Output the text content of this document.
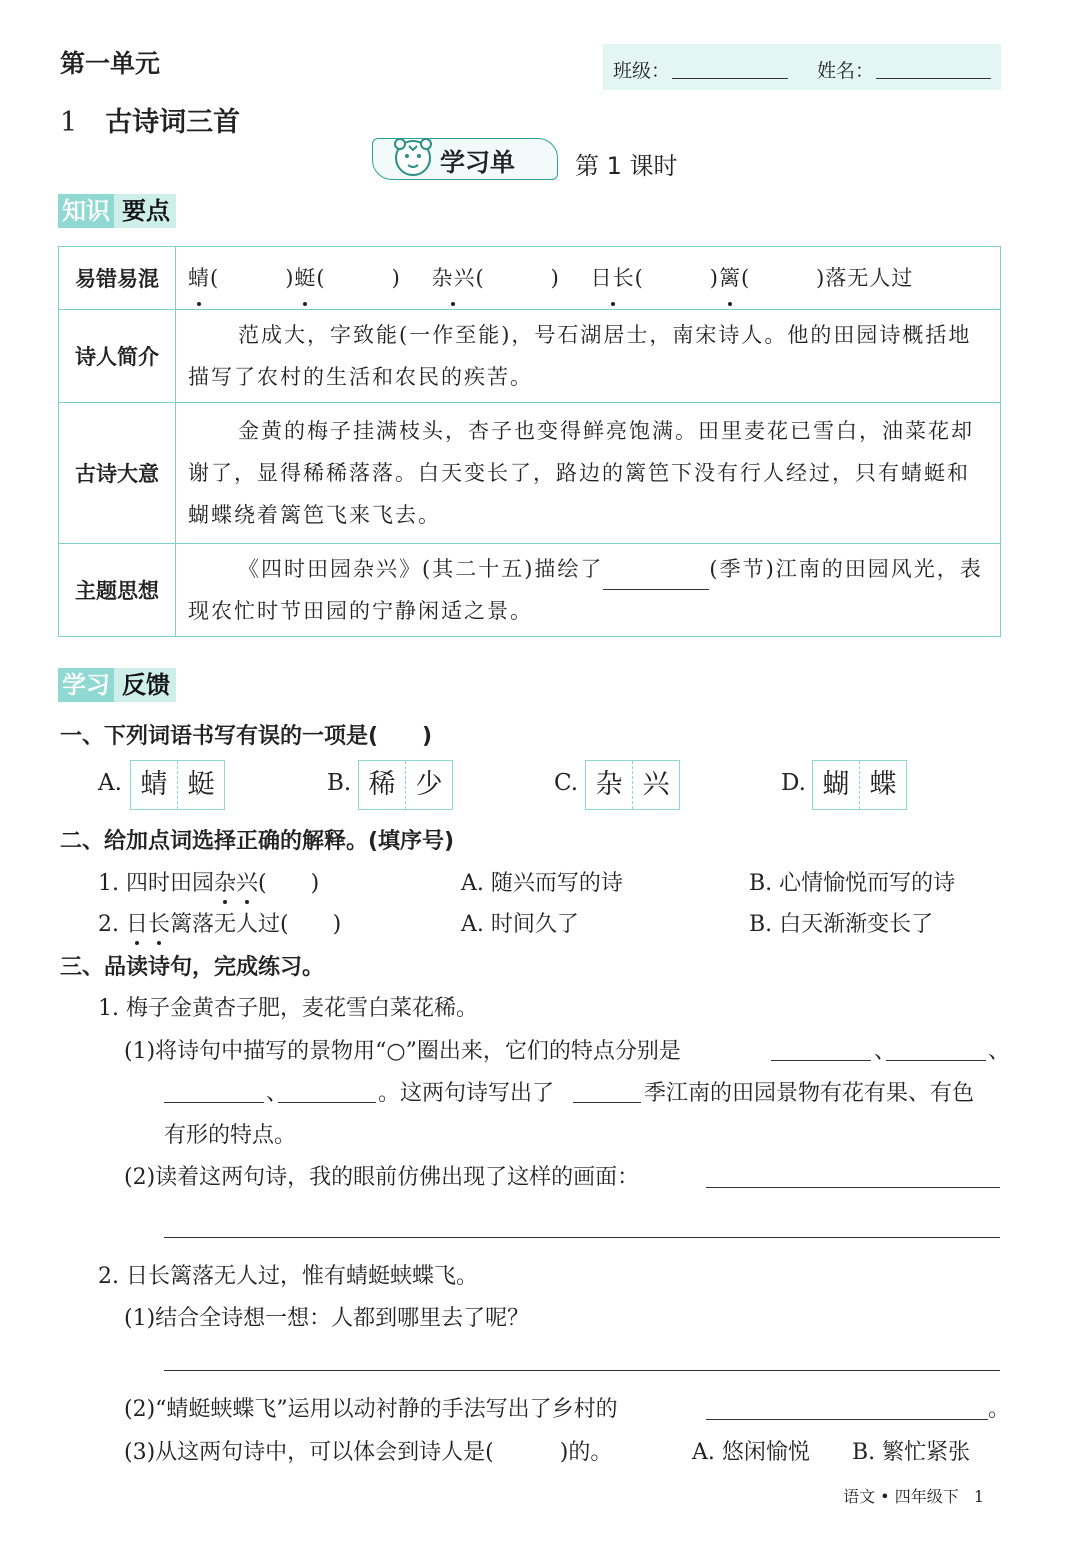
第一单元	班级：	姓名：
1 古诗词三首
学习单 第 1 课时
知识 要点
易错易混	蜻(　　　)蜓(　　　) 杂兴(　　　) 日长(　　　)篱(　　　)落无人过
诗人简介	范成大，字致能(一作至能)，号石湖居士，南宋诗人。他的田园诗概括地描写了农村的生活和农民的疾苦。
古诗大意	金黄的梅子挂满枝头，杏子也变得鲜亮饱满。田里麦花已雪白，油菜花却谢了，显得稀稀落落。白天变长了，路边的篱笆下没有行人经过，只有蜻蜓和蝴蝶绕着篱笆飞来飞去。
主题思想	《四时田园杂兴》(其二十五)描绘了 (季节)江南的田园风光，表现农忙时节田园的宁静闲适之景。
学习 反馈
一、下列词语书写有误的一项是(　　)
A. 蜻 蜓	B. 稀 少	C. 杂 兴	D. 蝴 蝶
二、给加点词选择正确的解释。(填序号)
1. 四时田园杂兴(　　)	A. 随兴而写的诗	B. 心情愉悦而写的诗
2. 日长篱落无人过(　　)	A. 时间久了	B. 白天渐渐变长了
三、品读诗句，完成练习。
1. 梅子金黄杏子肥，麦花雪白菜花稀。
(1)将诗句中描写的景物用“○”圈出来，它们的特点分别是	、	、
、	。这两句诗写出了	季江南的田园景物有花有果、有色
有形的特点。
(2)读着这两句诗，我的眼前仿佛出现了这样的画面：
2. 日长篱落无人过，惟有蜻蜓蛱蝶飞。
(1)结合全诗想一想：人都到哪里去了呢？
(2)“蜻蜓蛱蝶飞”运用以动衬静的手法写出了乡村的	。
(3)从这两句诗中，可以体会到诗人是(　　　)的。	A. 悠闲愉悦 B. 繁忙紧张
语文 • 四年级下 1
